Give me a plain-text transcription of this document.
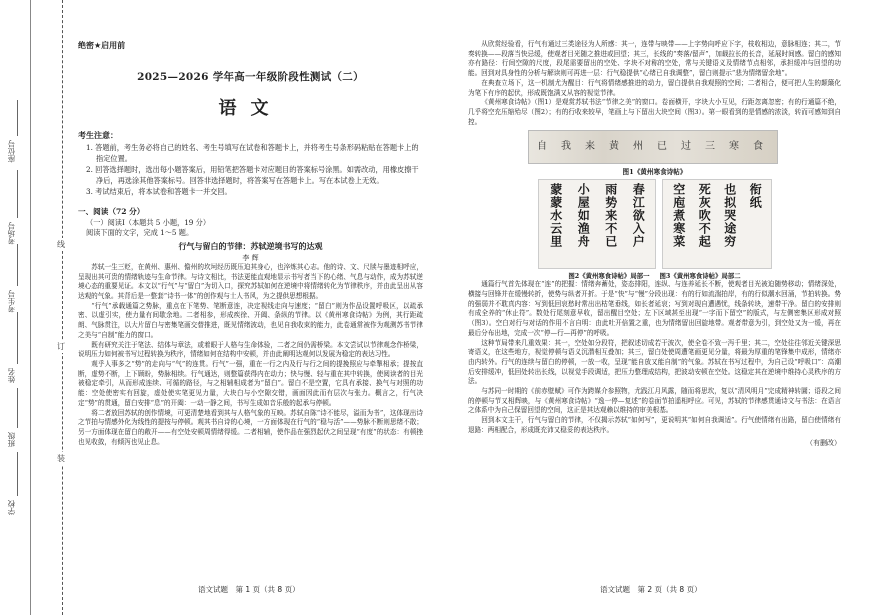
座位号
考场号
考生号
姓名
班级
学校
线
订
装
绝密★启用前
2025—2026 学年高一年级阶段性测试（二）
语文
考生注意：

1. 答题前，考生务必将自己的姓名、考生号填写在试卷和答题卡上，并将考生号条形码粘贴在答题卡上的指定位置。

2. 回答选择题时，选出每小题答案后，用铅笔把答题卡对应题目的答案标号涂黑。如需改动，用橡皮擦干净后，再选涂其他答案标号。回答非选择题时，将答案写在答题卡上。写在本试卷上无效。

3. 考试结束后，将本试卷和答题卡一并交回。

一、阅读（72 分）
（一）阅读Ⅰ（本题共 5 小题，19 分）
阅读下面的文字，完成 1～5 题。
行气与留白的节律：苏轼逆境书写的达观
李 辉

苏轼一生三贬，在黄州、惠州、儋州的坎坷经历既压迫其身心，也淬炼其心志。他的诗、文、尺牍与墨迹相呼应，呈现出其可贵的情绪轨迹与生命节律。与诗文相比，书法更能直观地显示书写者当下的心绪、气息与动作，成为苏轼逆境心态的重要见证。本文以“行气”与“留白”为切入口，探究苏轼如何在逆境中将情绪转化为节律秩序，并由此呈出从容达观的气象。其背后是一整套“诗书一体”的创作观与士人书风，为之提供思想根据。

“行气”承载通篇之势脉，重点在下笔势、笔断意连，决定视线走向与速度；“留白”则为作品设置呼吸区，以疏承密、以虚引实，使力量有间歇余地。二者相参，形成疾徐、开阖、条纵的节律。以《黄州寒食诗帖》为例，其行距疏朗、气脉贯注，以大片留白与密集笔画交替推进，既见情绪波动，也见自我收束的能力，此卷通常被作为观测苏书节律之美与“自制”能力的窗口。

既有研究关注于笔法、结体与章法，或着眼于人格与生命体验，二者之间仍需桥梁。本文尝试以节律观念作桥梁，说明压力如何被书写过程转换为秩序，情绪如何在结构中安顿，并由此阐明达观何以发展为稳定的表达习性。

观乎人事多之“势”的走向与“气”的连贯。行气”一强，重在一行之内及行与行之间的提挽照应与牵掣相承；提按直断，虚势不断，上下顾盼，势脉相续。行气通达，则整篇获得内在动力；快与慢、轻与重在其中转换，使阅读者的目光被稳定牵引，从而形成连续、可循的路径，与之相辅相成者为“留白”。留白不是空置，它具有承接、换气与对照的功能：空处使密实有回旋，虚处使实笔更见力量，大块白与小空隙交错，画面因此而有层次与张力。概言之，行气决定“势”的贯通，留白安排“息”的开阖：一动一静之间，书写生成如音乐般的起承与停顿。

将二者放回苏轼的创作情境，可更清楚地看到其与人格气象的互映。苏轼自陈“诗不能尽，溢而为书”，这体现出诗之节拍与情感外化为线性的提按与停顿。观其书自诗的心境，一方面体现在行气的“稳与活”——势脉不断则思绪不散；另一方面体现在留白的敞开——有空处安顿周情绪得缓。二者相辅，使作品在强烈起伏之间呈现“有度”的状态：有顿挫也见收敛，有倾泻也见止息。

语文试题　第 1 页（共 8 页）

从欣赏经验看，行气有通过三类途径为人所感：其一，连带与映带——上字势向呼应下字，枝收相边，意脉相连；其二，节奏转换——段落当快忌缓，使观者目光随之推进或回望；其三，长线的“奏落/留声”，加载拉长的长音，延展时间感。留白的感知亦有路径：行间空隙的尺度，段尾需要留出的空处、字块不对称的空处，常与关键语义及情绪节点相邻，承担缓冲与回望的功能。回到对具身性的分析与解读则可再进一层：行气稳提供“心绪已自我调整”，留白则提示“悲为情绪留余地”。

在典查立场下，这一机制尤为醒目：行气将情绪感推进的动力，留白提供自我观照的空间；二者相合，便可把人生的颠簸化为笔下有序的起伏，形成既饱满又从容的视觉节律。

《黄州寒食诗帖》（图1）是观赏苏轼书法“节律之美”的窗口。卷面横开，字块大小互见，行距忽离忽密；有的行通篇不绝，几乎将空充压缩殆尽（图2）；有的行收来较早，笔画上与下留出大块空间（图3）。第一眼看到的是情感的浓淡，转而可感知到自控。

自 我 来 黄 州 已 过 三 寒 食
图1《黄州寒食诗帖》
春江欲入户
雨势来不已
小屋如渔舟
蒙蒙水云里	衔纸
也拟哭途穷
死灰吹不起
空庖煮寒菜
图2《黄州寒食诗帖》局部一 图3《黄州寒食诗帖》局部二

通篇行气首先体现在“连”的把握：情绪奔蓄处，姿态排阳，连纵、与连养延长不断，使观者目光被迫随势移动；情绪深处，横接与回锋并在缓慢转折，使势与纵者开折。于是“快”与“慢”分段出现：有的行如流湍拍岸，有的行似潮水回涌，节拍转换。势的强弱并不耽真内容：写到低回哀愁时常出出枯笔垂线，如长者延哀；写到对现自遭遇忧，线条转块，速带干净。留白的安排则有成全养的“休止符”。数处行尾刻意早收，留出醒目空处；左下区域甚至出现“一字而下留空”的版式，与左侧密集区形成对照（图3）。空白对行与对话的作用不言自明：由此吐开倍置之重，也为情绪留出回旋地带。观者带意为引，到空处又为一缓，再在最后分布出地，完成一次“停—行—再停”的呼吸。

这种节局带来几重效果：其一，空处如分段符，把叙述切成若干波次，使全卷不致一泻千里；其二，空处往往邻近关键深思寄语义，在这些地方，视觉停顿与语义沉潜相互叠加；其三，留白处使周遭笔画更见分量，将最为厚重的笔锋集中成形，情绪亦由内转外。行气的连续与留白的停顿，一放一收，呈现“能自放又能自制”的气象。苏轼在书写过程中，为自己设“呼吸口”：高潮后安排缓冲，低回处转出长线，以视觉手段调适，把压力整理成结构，把波动安顿在空处。这稳定其在逆境中维持心灵秩序的方法。

与苏同一时期的《前赤壁赋》可作为跨媒介参照物，尤践江月风露，随而将思坎，复以“清风明月”完成精神转圜；语段之间的停顿与节又相辉映，与《黄州寒食诗帖》“逸一停—复述”的卷面节拍遥相呼应。可见，苏轼的节律感贯通诗文与书法：在语言之体系中为自己保留回望的空间，这正是其达观赖以维持的审美根基。

回到本文主干，行气与留白的节律，不仅揭示苏轼“如何写”，更说明其“如何自我调适”。行气使情绪有出路，留白使情绪有退路：两相配合，形成既充沛又稳妥的表达秩序。

（有删改）
语文试题　第 2 页（共 8 页）
